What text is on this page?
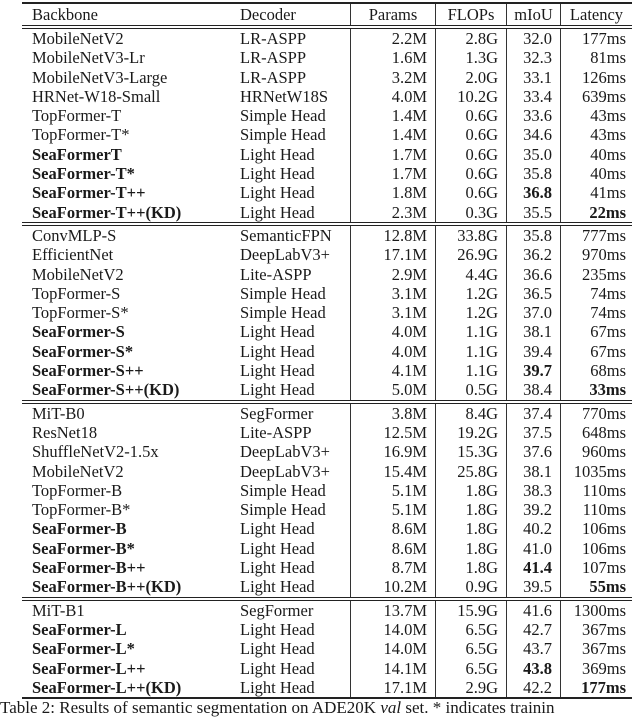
Backbone	Decoder	Params	FLOPs	mIoU	Latency
MobileNetV2	LR-ASPP	2.2M	2.8G	32.0	177ms
MobileNetV3-Lr	LR-ASPP	1.6M	1.3G	32.3	81ms
MobileNetV3-Large	LR-ASPP	3.2M	2.0G	33.1	126ms
HRNet-W18-Small	HRNetW18S	4.0M	10.2G	33.4	639ms
TopFormer-T	Simple Head	1.4M	0.6G	33.6	43ms
TopFormer-T*	Simple Head	1.4M	0.6G	34.6	43ms
SeaFormerT	Light Head	1.7M	0.6G	35.0	40ms
SeaFormer-T*	Light Head	1.7M	0.6G	35.8	40ms
SeaFormer-T++	Light Head	1.8M	0.6G	36.8	41ms
SeaFormer-T++(KD)	Light Head	2.3M	0.3G	35.5	22ms
ConvMLP-S	SemanticFPN	12.8M	33.8G	35.8	777ms
EfficientNet	DeepLabV3+	17.1M	26.9G	36.2	970ms
MobileNetV2	Lite-ASPP	2.9M	4.4G	36.6	235ms
TopFormer-S	Simple Head	3.1M	1.2G	36.5	74ms
TopFormer-S*	Simple Head	3.1M	1.2G	37.0	74ms
SeaFormer-S	Light Head	4.0M	1.1G	38.1	67ms
SeaFormer-S*	Light Head	4.0M	1.1G	39.4	67ms
SeaFormer-S++	Light Head	4.1M	1.1G	39.7	68ms
SeaFormer-S++(KD)	Light Head	5.0M	0.5G	38.4	33ms
MiT-B0	SegFormer	3.8M	8.4G	37.4	770ms
ResNet18	Lite-ASPP	12.5M	19.2G	37.5	648ms
ShuffleNetV2-1.5x	DeepLabV3+	16.9M	15.3G	37.6	960ms
MobileNetV2	DeepLabV3+	15.4M	25.8G	38.1	1035ms
TopFormer-B	Simple Head	5.1M	1.8G	38.3	110ms
TopFormer-B*	Simple Head	5.1M	1.8G	39.2	110ms
SeaFormer-B	Light Head	8.6M	1.8G	40.2	106ms
SeaFormer-B*	Light Head	8.6M	1.8G	41.0	106ms
SeaFormer-B++	Light Head	8.7M	1.8G	41.4	107ms
SeaFormer-B++(KD)	Light Head	10.2M	0.9G	39.5	55ms
MiT-B1	SegFormer	13.7M	15.9G	41.6	1300ms
SeaFormer-L	Light Head	14.0M	6.5G	42.7	367ms
SeaFormer-L*	Light Head	14.0M	6.5G	43.7	367ms
SeaFormer-L++	Light Head	14.1M	6.5G	43.8	369ms
SeaFormer-L++(KD)	Light Head	17.1M	2.9G	42.2	177ms
Table 2: Results of semantic segmentation on ADE20K val set. * indicates trainin
